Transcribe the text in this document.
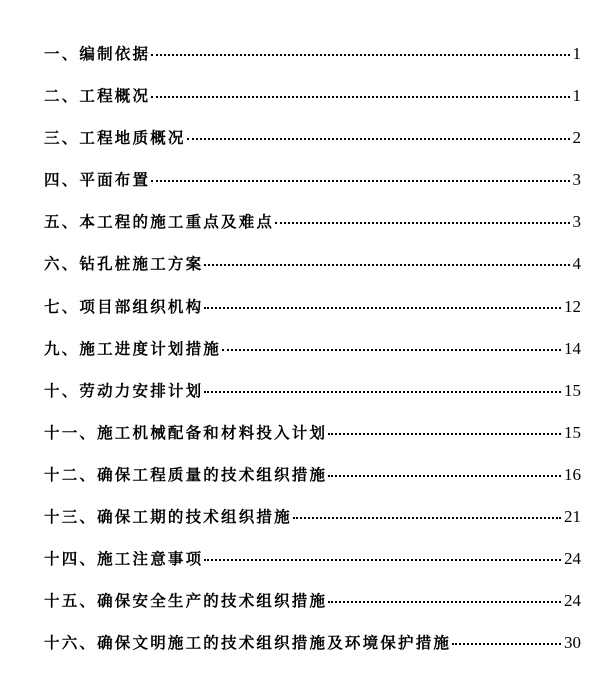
一、编制依据	1
二、工程概况	1
三、工程地质概况	2
四、平面布置	3
五、本工程的施工重点及难点	3
六、钻孔桩施工方案	4
七、项目部组织机构	12
九、施工进度计划措施	14
十、劳动力安排计划	15
十一、施工机械配备和材料投入计划	15
十二、确保工程质量的技术组织措施	16
十三、确保工期的技术组织措施	21
十四、施工注意事项	24
十五、确保安全生产的技术组织措施	24
十六、确保文明施工的技术组织措施及环境保护措施	30
